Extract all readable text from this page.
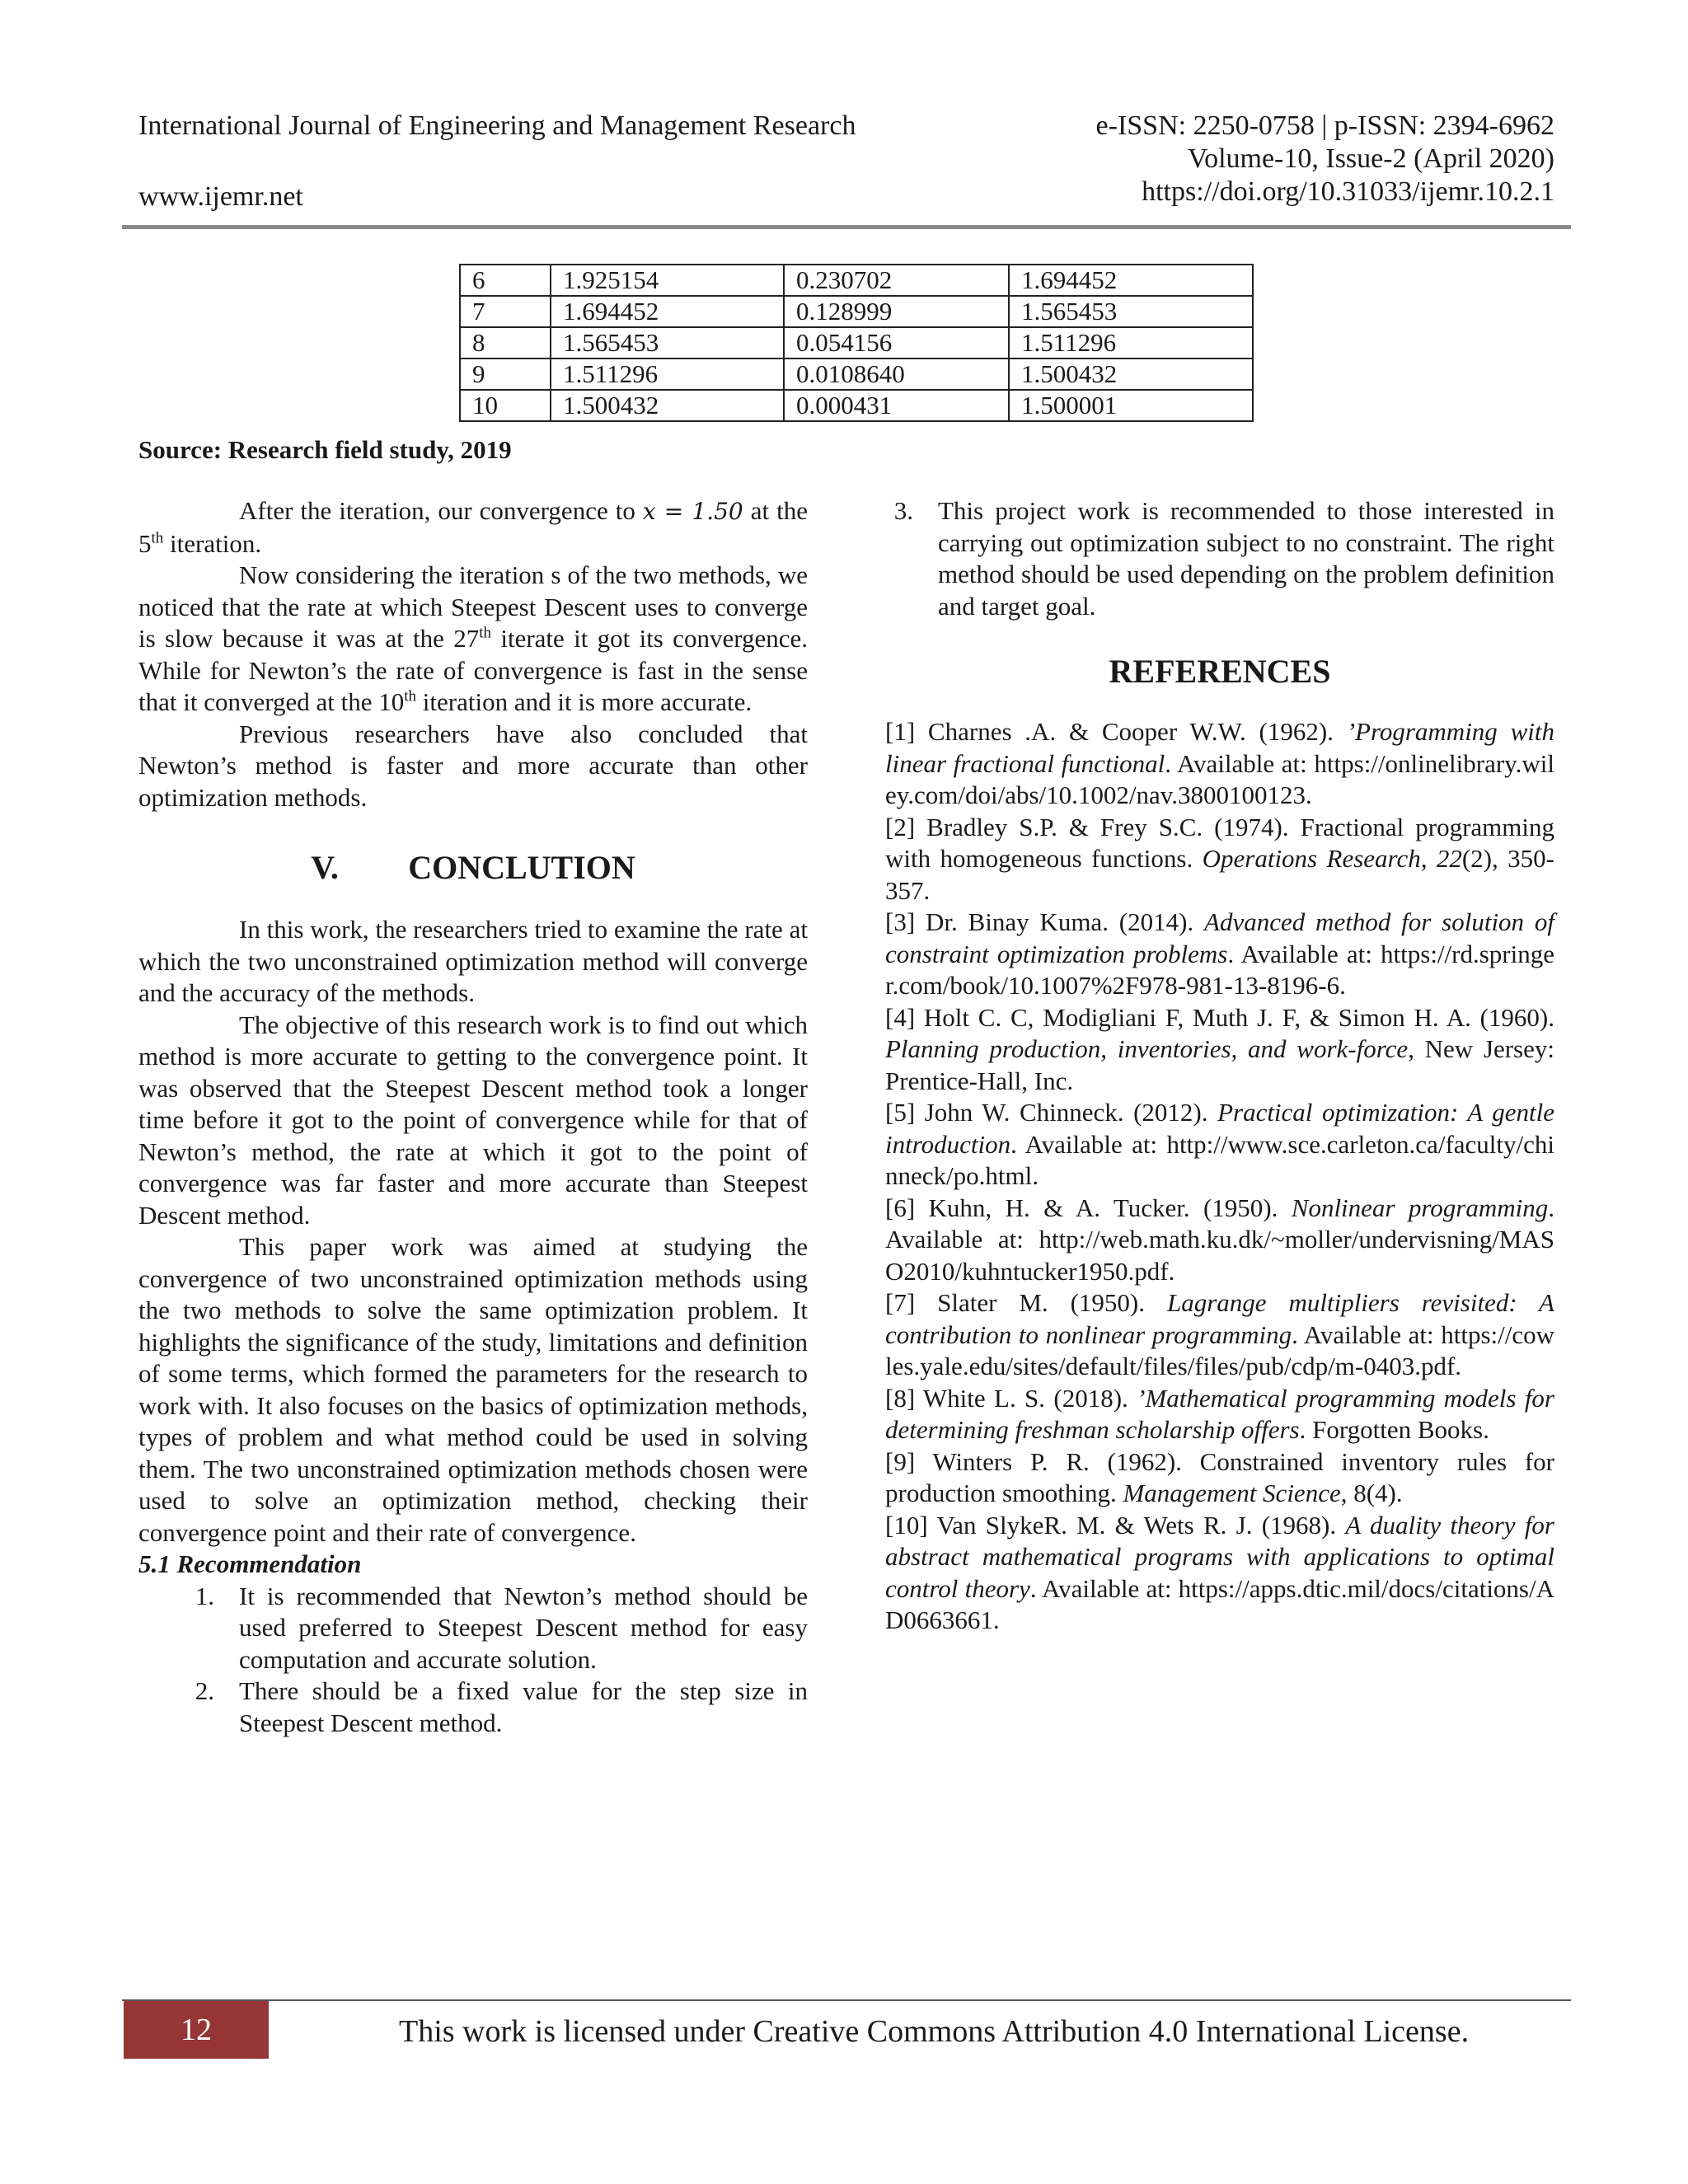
International Journal of Engineering and Management Research
www.ijemr.net
e-ISSN: 2250-0758 | p-ISSN: 2394-6962
Volume-10, Issue-2 (April 2020)
https://doi.org/10.31033/ijemr.10.2.1
6	1.925154	0.230702	1.694452
7	1.694452	0.128999	1.565453
8	1.565453	0.054156	1.511296
9	1.511296	0.0108640	1.500432
10	1.500432	0.000431	1.500001
Source: Research field study, 2019

After the iteration, our convergence to x = 1.50 at the 5th iteration.

Now considering the iteration s of the two methods, we noticed that the rate at which Steepest Descent uses to converge is slow because it was at the 27th iterate it got its convergence. While for Newton’s the rate of convergence is fast in the sense that it converged at the 10th iteration and it is more accurate.

Previous researchers have also concluded that Newton’s method is faster and more accurate than other optimization methods.

V. CONCLUTION

In this work, the researchers tried to examine the rate at which the two unconstrained optimization method will converge and the accuracy of the methods.

The objective of this research work is to find out which method is more accurate to getting to the convergence point. It was observed that the Steepest Descent method took a longer time before it got to the point of convergence while for that of Newton’s method, the rate at which it got to the point of convergence was far faster and more accurate than Steepest Descent method.

This paper work was aimed at studying the convergence of two unconstrained optimization methods using the two methods to solve the same optimization problem. It highlights the significance of the study, limitations and definition of some terms, which formed the parameters for the research to work with. It also focuses on the basics of optimization methods, types of problem and what method could be used in solving them. The two unconstrained optimization methods chosen were used to solve an optimization method, checking their convergence point and their rate of convergence.

5.1 Recommendation
1. It is recommended that Newton’s method should be used preferred to Steepest Descent method for easy computation and accurate solution.
2. There should be a fixed value for the step size in Steepest Descent method.
3. This project work is recommended to those interested in carrying out optimization subject to no constraint. The right method should be used depending on the problem definition and target goal.
REFERENCES

[1] Charnes .A. & Cooper W.W. (1962). ’Programming with linear fractional functional. Available at: https://onlinelibrary.wiley.com/doi/abs/10.1002/nav.3800100123.

[2] Bradley S.P. & Frey S.C. (1974). Fractional programming with homogeneous functions. Operations Research, 22(2), 350-357.

[3] Dr. Binay Kuma. (2014). Advanced method for solution of constraint optimization problems. Available at: https://rd.springer.com/book/10.1007%2F978-981-13-8196-6.

[4] Holt C. C, Modigliani F, Muth J. F, & Simon H. A. (1960). Planning production, inventories, and work-force, New Jersey: Prentice-Hall, Inc.

[5] John W. Chinneck. (2012). Practical optimization: A gentle introduction. Available at: http://www.sce.carleton.ca/faculty/chinneck/po.html.

[6] Kuhn, H. & A. Tucker. (1950). Nonlinear programming. Available at: http://web.math.ku.dk/~moller/undervisning/MASO2010/kuhntucker1950.pdf.

[7] Slater M. (1950). Lagrange multipliers revisited: A contribution to nonlinear programming. Available at: https://cowles.yale.edu/sites/default/files/files/pub/cdp/m-0403.pdf.

[8] White L. S. (2018). ’Mathematical programming models for determining freshman scholarship offers. Forgotten Books.

[9] Winters P. R. (1962). Constrained inventory rules for production smoothing. Management Science, 8(4).

[10] Van SlykeR. M. & Wets R. J. (1968). A duality theory for abstract mathematical programs with applications to optimal control theory. Available at: https://apps.dtic.mil/docs/citations/AD0663661.

12	This work is licensed under Creative Commons Attribution 4.0 International License.
